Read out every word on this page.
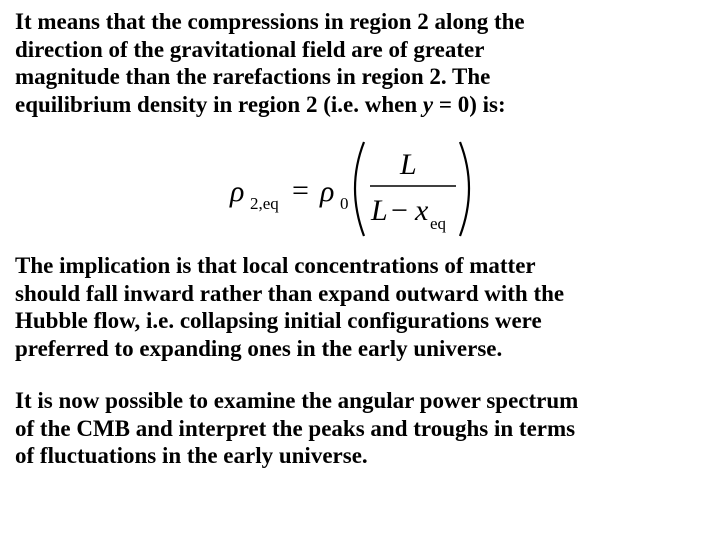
It means that the compressions in region 2 along the
direction of the gravitational field are of greater
magnitude than the rarefactions in region 2. The
equilibrium density in region 2 (i.e. when y = 0) is:
ρ 2,eq = ρ 0
L
L − x eq
The implication is that local concentrations of matter
should fall inward rather than expand outward with the
Hubble flow, i.e. collapsing initial configurations were
preferred to expanding ones in the early universe.
It is now possible to examine the angular power spectrum
of the CMB and interpret the peaks and troughs in terms
of fluctuations in the early universe.
